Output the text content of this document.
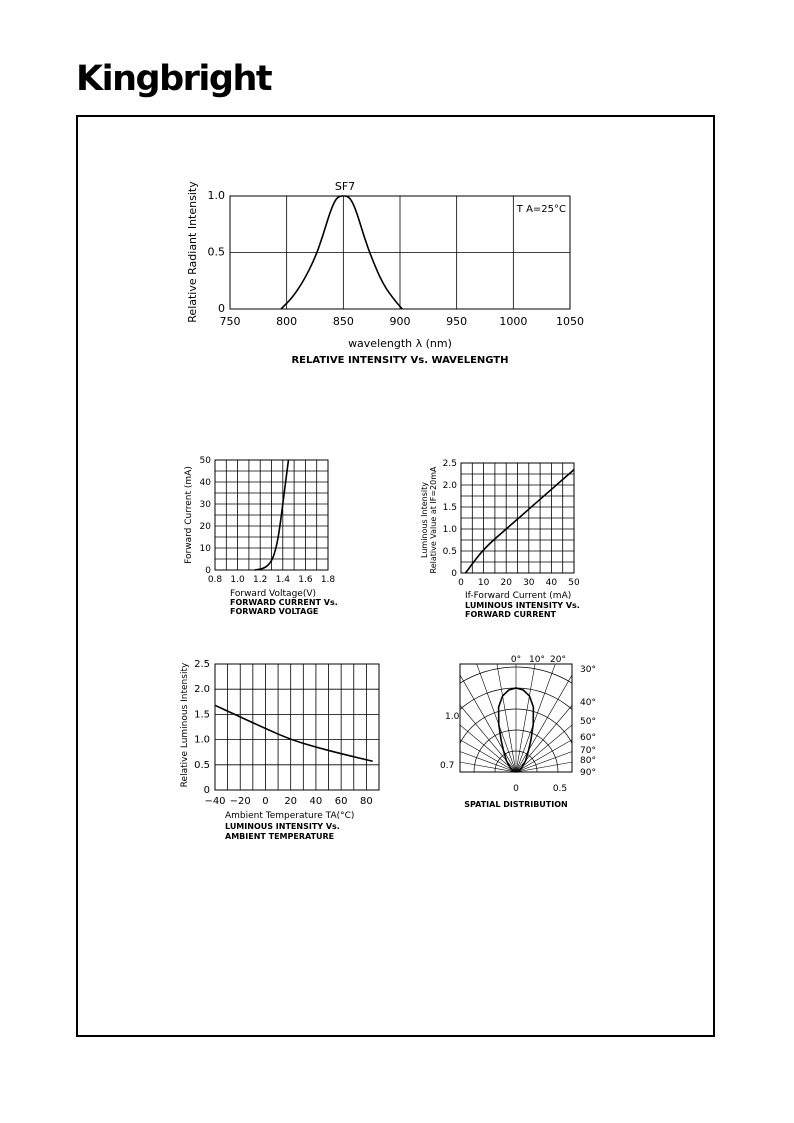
Kingbright
750	800	850	900	950	1000	1050
0
0.5
1.0
SF7
T A=25°C
wavelength λ (nm)
Relative Radiant Intensity
RELATIVE INTENSITY Vs. WAVELENGTH
0.8 1.0 1.2 1.4 1.6 1.8
0
10
20
30
40
50
Forward Voltage(V)
Forward Current (mA)
FORWARD CURRENT Vs.
FORWARD VOLTAGE
0 10 20 30 40 50
0
0.5
1.0
1.5
2.0
2.5
If-Forward Current (mA)
Luminous Intensity Relative Value at IF=20mA
LUMINOUS INTENSITY Vs.
FORWARD CURRENT
−40 −20 0 20 40 60 80
0
0.5
1.0
1.5
2.0
2.5
Ambient Temperature TA(°C)
Relative Luminous Intensity
LUMINOUS INTENSITY Vs.
AMBIENT TEMPERATURE
0° 10° 20°
30°
40°
50°
60°
70°
80°
90°
1.0
0.7
0	0.5
SPATIAL DISTRIBUTION
